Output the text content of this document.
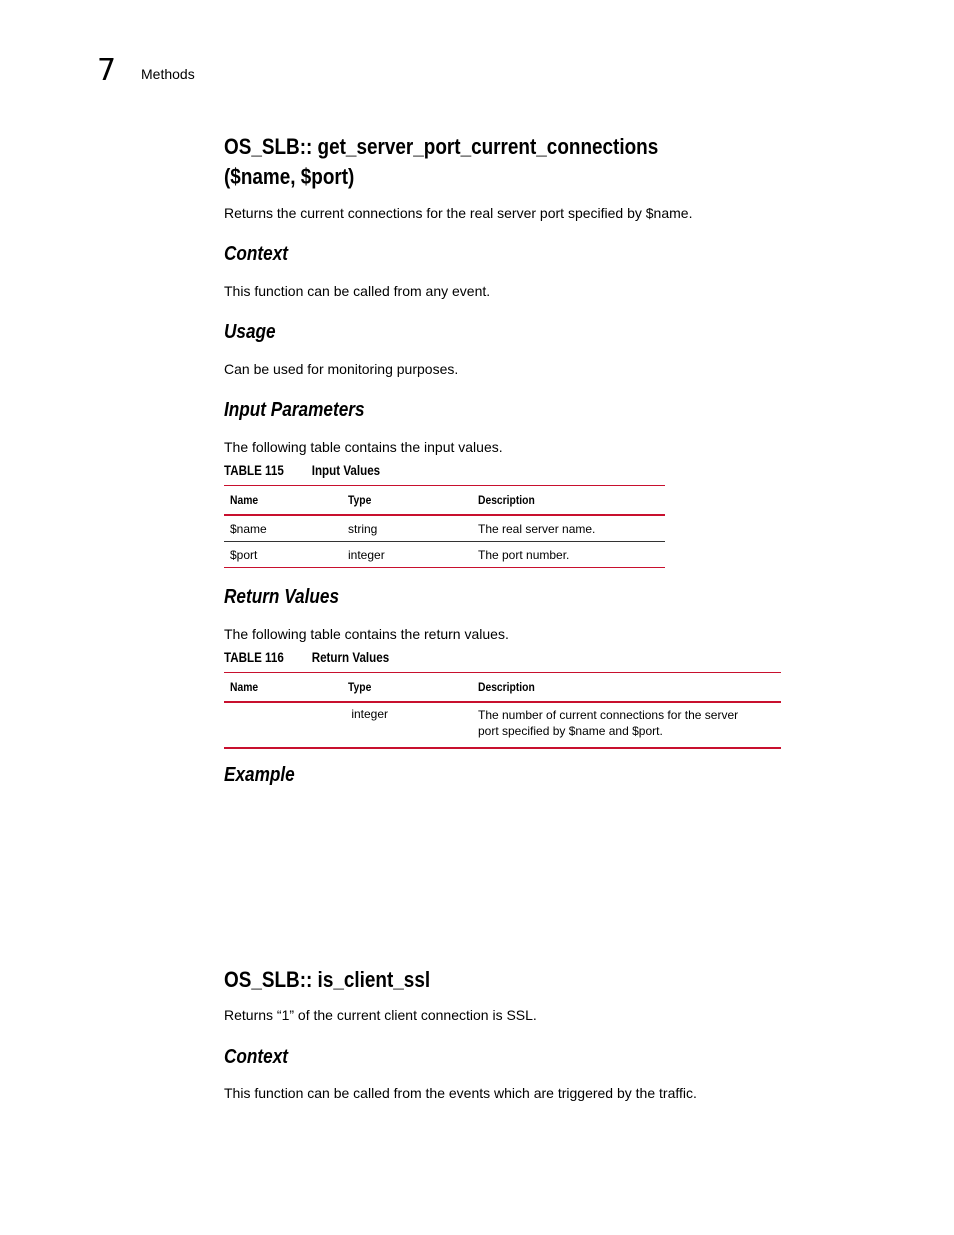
7 Methods
OS_SLB:: get_server_port_current_connections
($name, $port)
Returns the current connections for the real server port specified by $name.
Context
This function can be called from any event.
Usage
Can be used for monitoring purposes.
Input Parameters
The following table contains the input values.
TABLE 115 Input Values
Name	Type	Description
$name	string	The real server name.
$port	integer	The port number.
Return Values
The following table contains the return values.
TABLE 116 Return Values
Name	Type	Description
	integer	The number of current connections for the server port specified by $name and $port.
Example
OS_SLB:: is_client_ssl
Returns “1” of the current client connection is SSL.
Context
This function can be called from the events which are triggered by the traffic.
